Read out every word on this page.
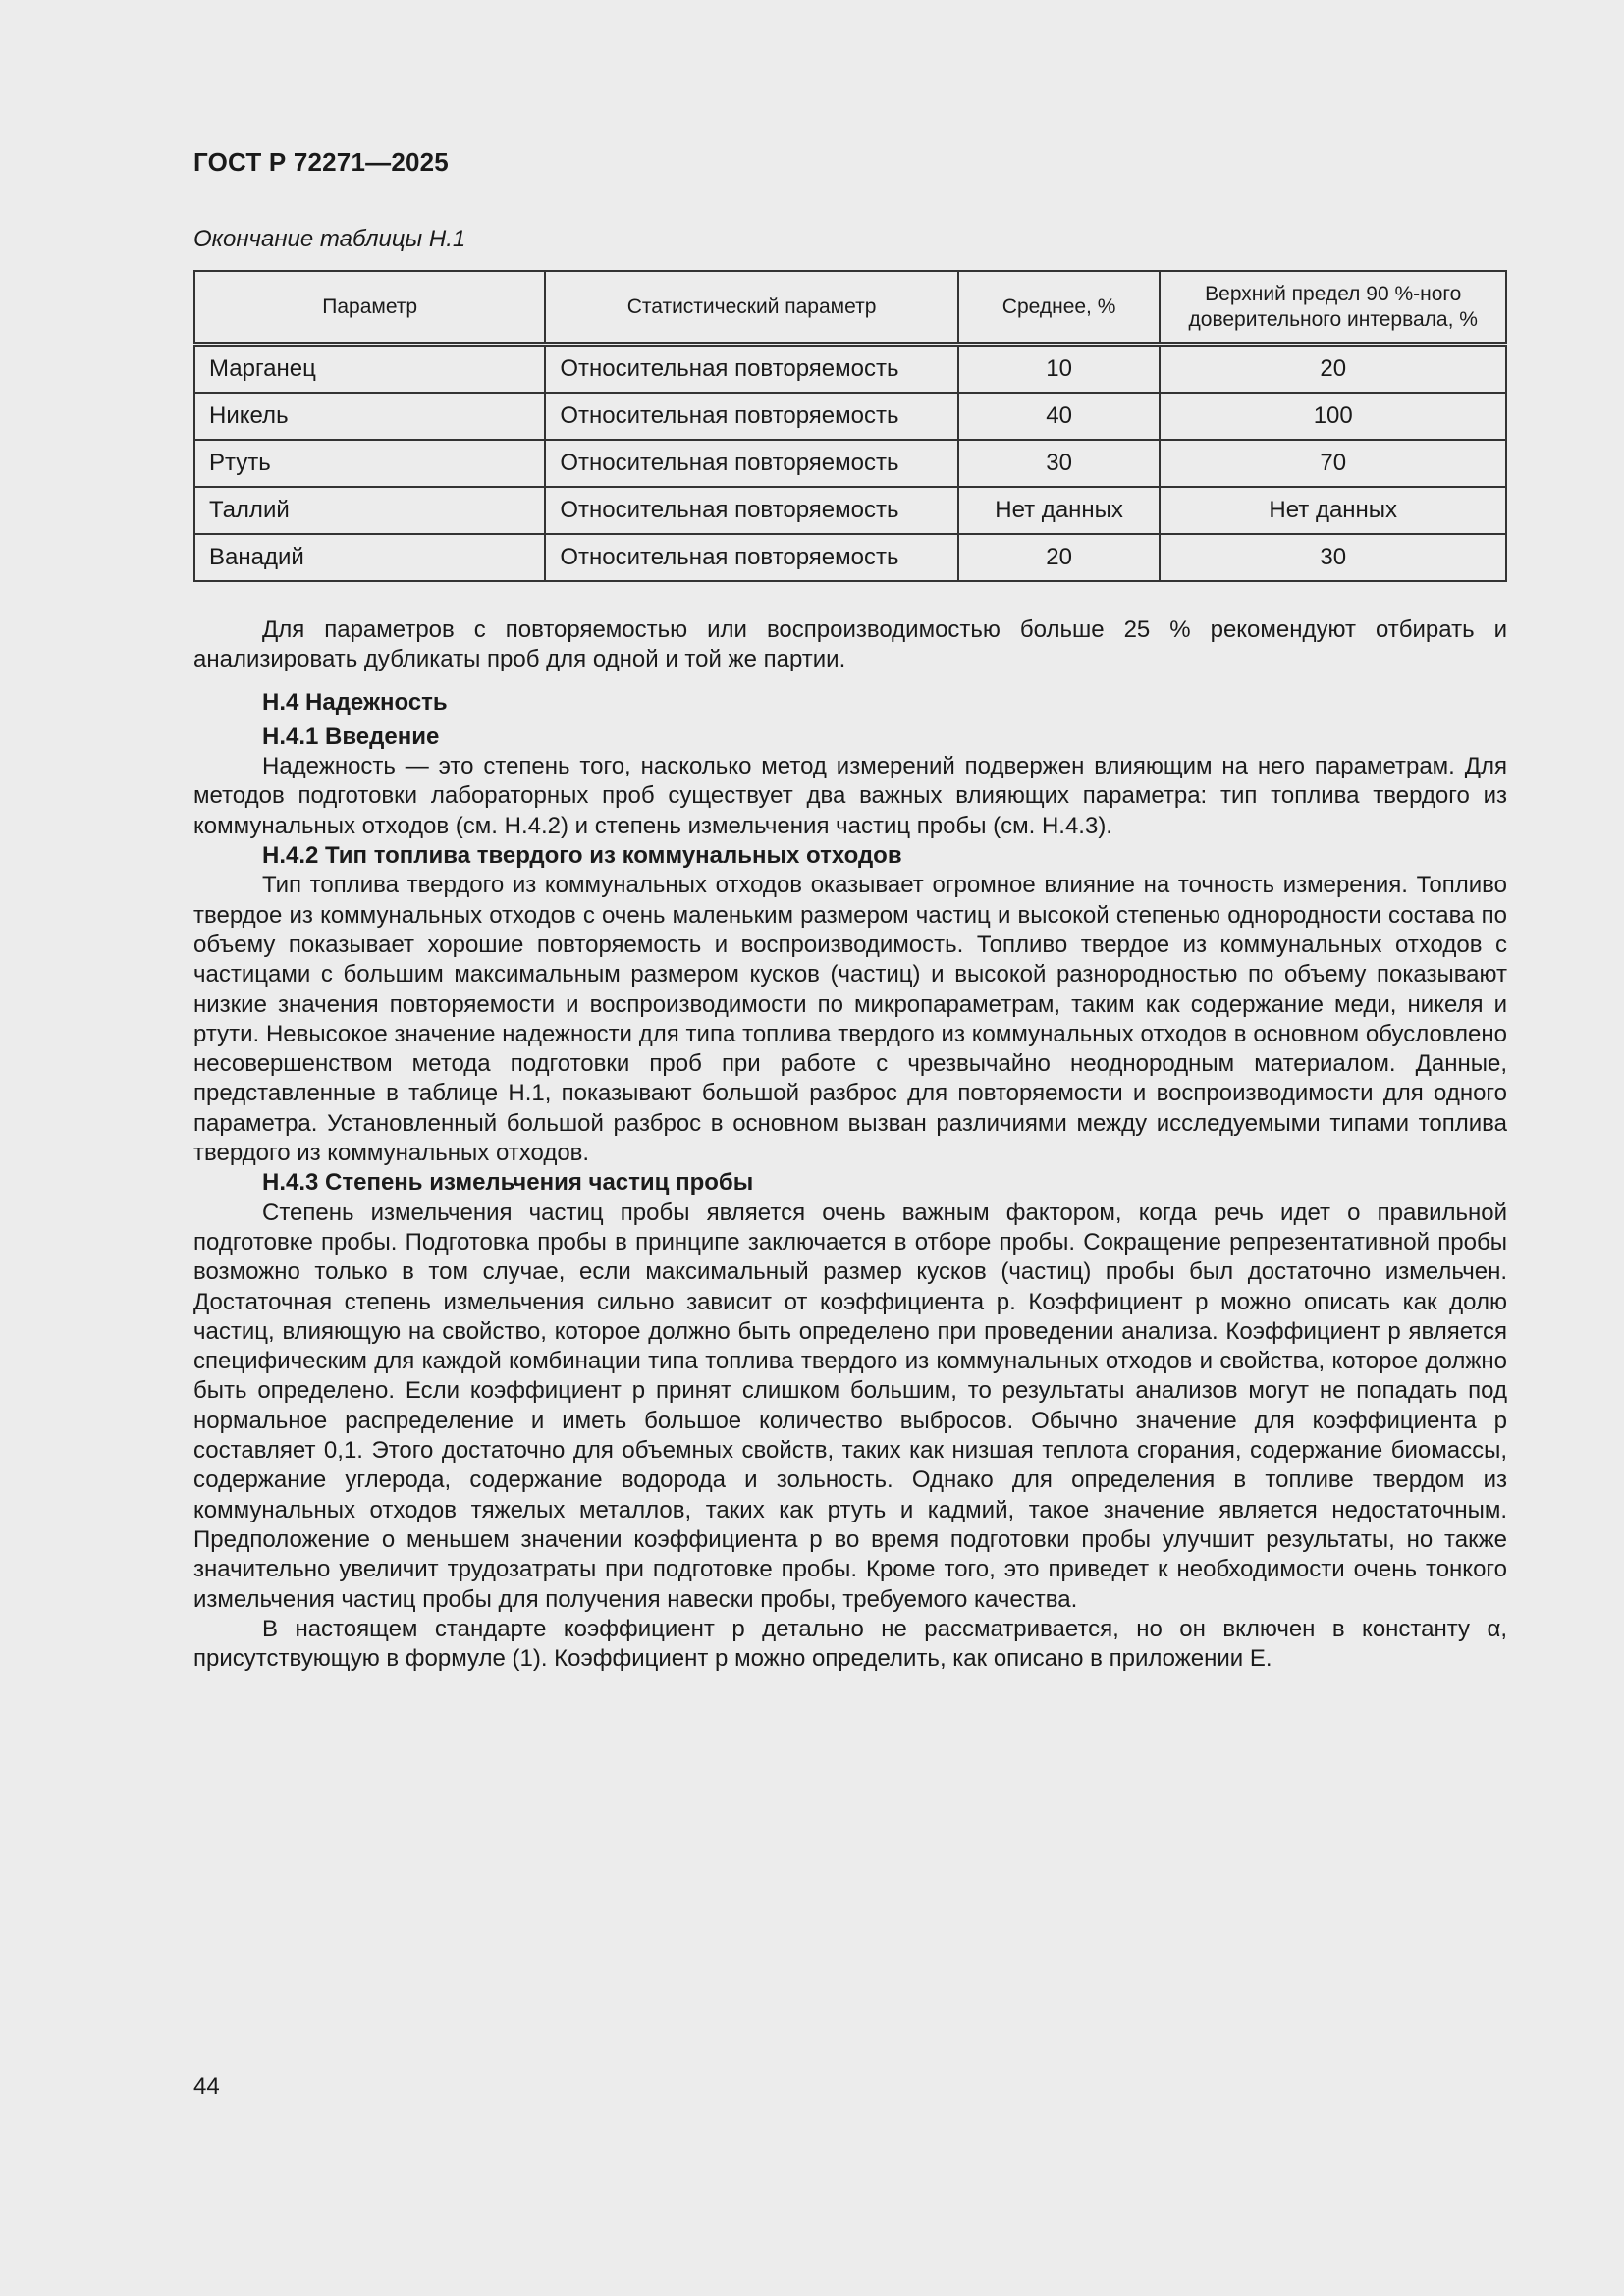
ГОСТ Р 72271—2025
Окончание таблицы Н.1
Параметр	Статистический параметр	Среднее, %	Верхний предел 90 %-ного доверительного интервала, %
Марганец	Относительная повторяемость	10	20
Никель	Относительная повторяемость	40	100
Ртуть	Относительная повторяемость	30	70
Таллий	Относительная повторяемость	Нет данных	Нет данных
Ванадий	Относительная повторяемость	20	30

Для параметров с повторяемостью или воспроизводимостью больше 25 % рекомендуют отбирать и анализировать дубликаты проб для одной и той же партии.

Н.4 Надежность
Н.4.1 Введение

Надежность — это степень того, насколько метод измерений подвержен влияющим на него параметрам. Для методов подготовки лабораторных проб существует два важных влияющих параметра: тип топлива твердого из коммунальных отходов (см. Н.4.2) и степень измельчения частиц пробы (см. Н.4.3).

Н.4.2 Тип топлива твердого из коммунальных отходов

Тип топлива твердого из коммунальных отходов оказывает огромное влияние на точность измерения. Топливо твердое из коммунальных отходов с очень маленьким размером частиц и высокой степенью однородности состава по объему показывает хорошие повторяемость и воспроизводимость. Топливо твердое из коммунальных отходов с частицами с большим максимальным размером кусков (частиц) и высокой разнородностью по объему показывают низкие значения повторяемости и воспроизводимости по микропараметрам, таким как содержание меди, никеля и ртути. Невысокое значение надежности для типа топлива твердого из коммунальных отходов в основном обусловлено несовершенством метода подготовки проб при работе с чрезвычайно неоднородным материалом. Данные, представленные в таблице Н.1, показывают большой разброс для повторяемости и воспроизводимости для одного параметра. Установленный большой разброс в основном вызван различиями между исследуемыми типами топлива твердого из коммунальных отходов.

Н.4.3 Степень измельчения частиц пробы

Степень измельчения частиц пробы является очень важным фактором, когда речь идет о правильной подготовке пробы. Подготовка пробы в принципе заключается в отборе пробы. Сокращение репрезентативной пробы возможно только в том случае, если максимальный размер кусков (частиц) пробы был достаточно измельчен. Достаточная степень измельчения сильно зависит от коэффициента p. Коэффициент p можно описать как долю частиц, влияющую на свойство, которое должно быть определено при проведении анализа. Коэффициент p является специфическим для каждой комбинации типа топлива твердого из коммунальных отходов и свойства, которое должно быть определено. Если коэффициент p принят слишком большим, то результаты анализов могут не попадать под нормальное распределение и иметь большое количество выбросов. Обычно значение для коэффициента p составляет 0,1. Этого достаточно для объемных свойств, таких как низшая теплота сгорания, содержание биомассы, содержание углерода, содержание водорода и зольность. Однако для определения в топливе твердом из коммунальных отходов тяжелых металлов, таких как ртуть и кадмий, такое значение является недостаточным. Предположение о меньшем значении коэффициента p во время подготовки пробы улучшит результаты, но также значительно увеличит трудозатраты при подготовке пробы. Кроме того, это приведет к необходимости очень тонкого измельчения частиц пробы для получения навески пробы, требуемого качества.

В настоящем стандарте коэффициент p детально не рассматривается, но он включен в константу α, присутствующую в формуле (1). Коэффициент p можно определить, как описано в приложении Е.

44
